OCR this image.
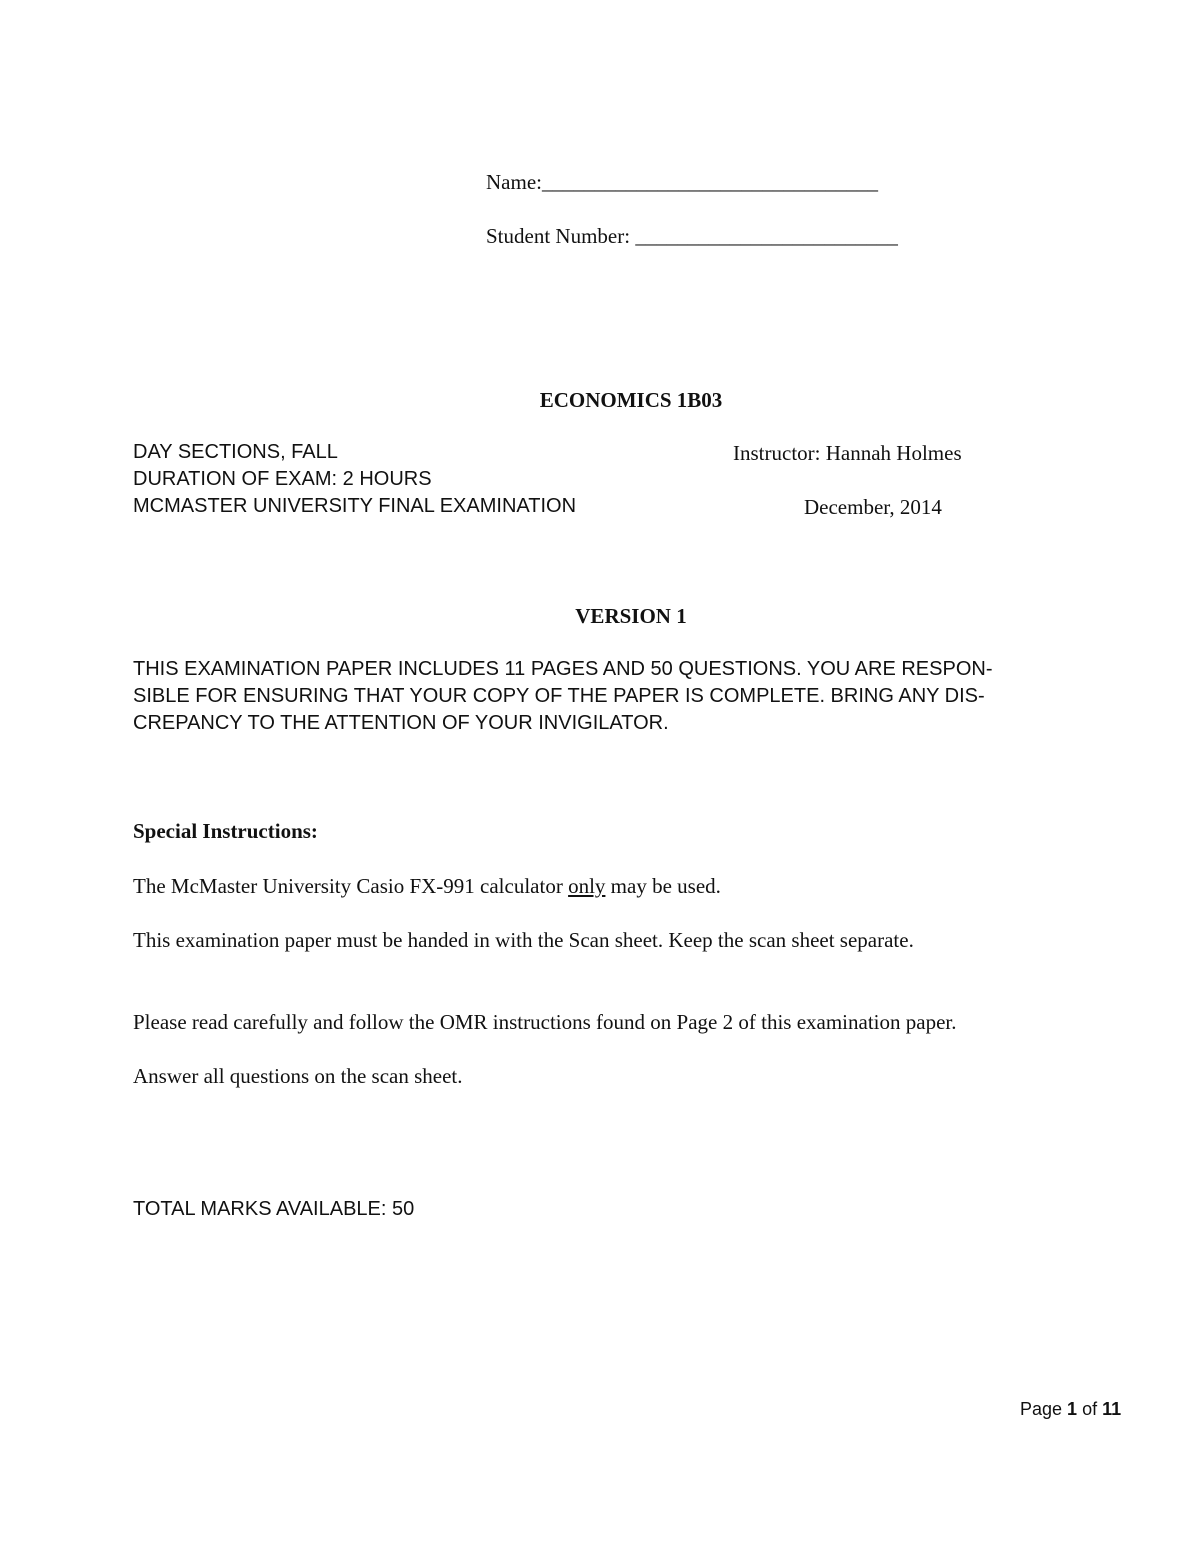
Name:________________________________
Student Number: _________________________
ECONOMICS 1B03
DAY SECTIONS, FALL	Instructor: Hannah Holmes
DURATION OF EXAM: 2 HOURS
MCMASTER UNIVERSITY FINAL EXAMINATION	December, 2014
VERSION 1
THIS EXAMINATION PAPER INCLUDES 11 PAGES AND 50 QUESTIONS. YOU ARE RESPON-
SIBLE FOR ENSURING THAT YOUR COPY OF THE PAPER IS COMPLETE. BRING ANY DIS-
CREPANCY TO THE ATTENTION OF YOUR INVIGILATOR.
Special Instructions:
The McMaster University Casio FX-991 calculator only may be used.
This examination paper must be handed in with the Scan sheet. Keep the scan sheet separate.
Please read carefully and follow the OMR instructions found on Page 2 of this examination paper.
Answer all questions on the scan sheet.
TOTAL MARKS AVAILABLE: 50
Page 1 of 11
